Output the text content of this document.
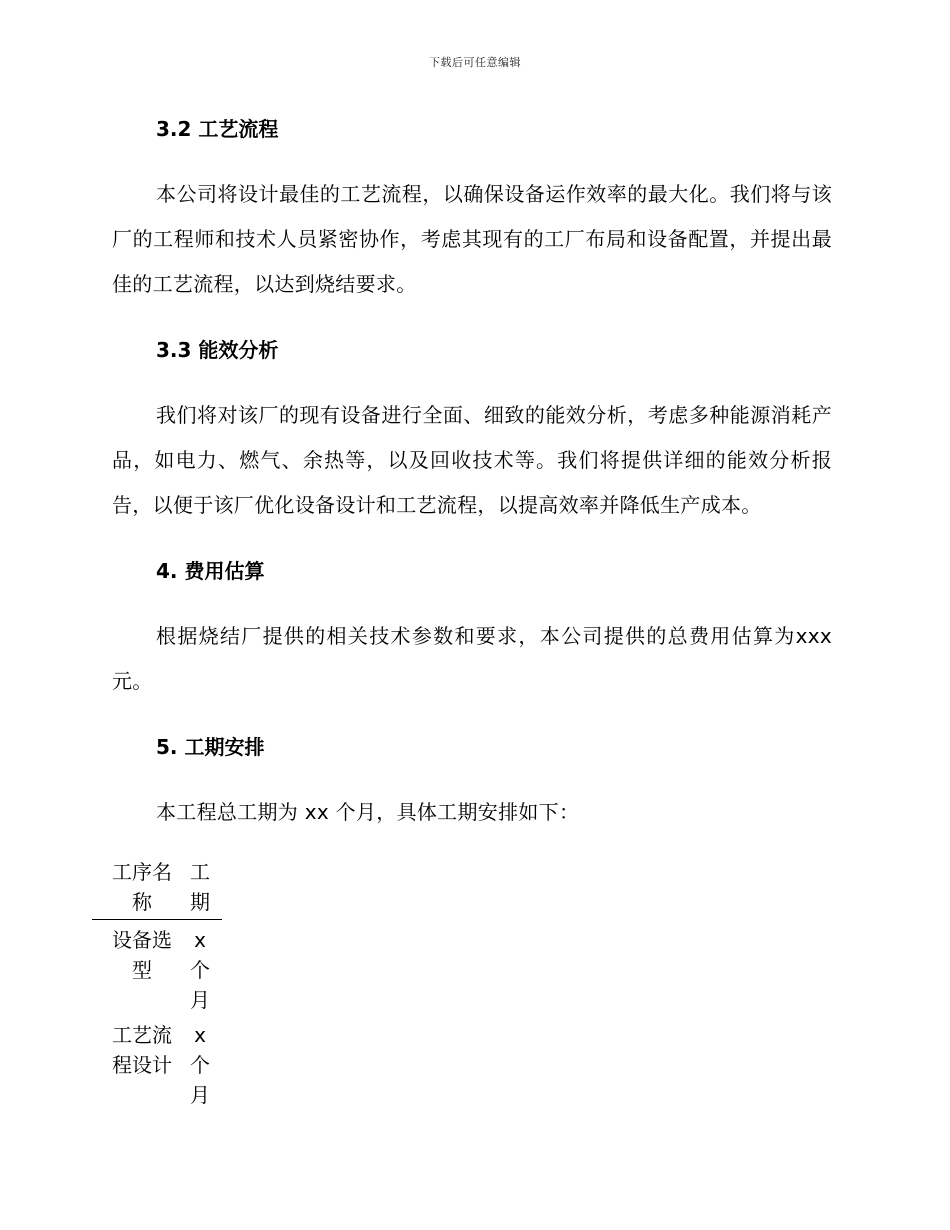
下载后可任意编辑
3.2 工艺流程

本公司将设计最佳的工艺流程，以确保设备运作效率的最大化。我们将与该厂的工程师和技术人员紧密协作，考虑其现有的工厂布局和设备配置，并提出最佳的工艺流程，以达到烧结要求。

3.3 能效分析

我们将对该厂的现有设备进行全面、细致的能效分析，考虑多种能源消耗产品，如电力、燃气、余热等，以及回收技术等。我们将提供详细的能效分析报告，以便于该厂优化设备设计和工艺流程，以提高效率并降低生产成本。

4. 费用估算

根据烧结厂提供的相关技术参数和要求，本公司提供的总费用估算为xxx 元。

5. 工期安排

本工程总工期为 xx 个月，具体工期安排如下：

工序名称	工期
设备选型	x个月
工艺流程设计	x个月
